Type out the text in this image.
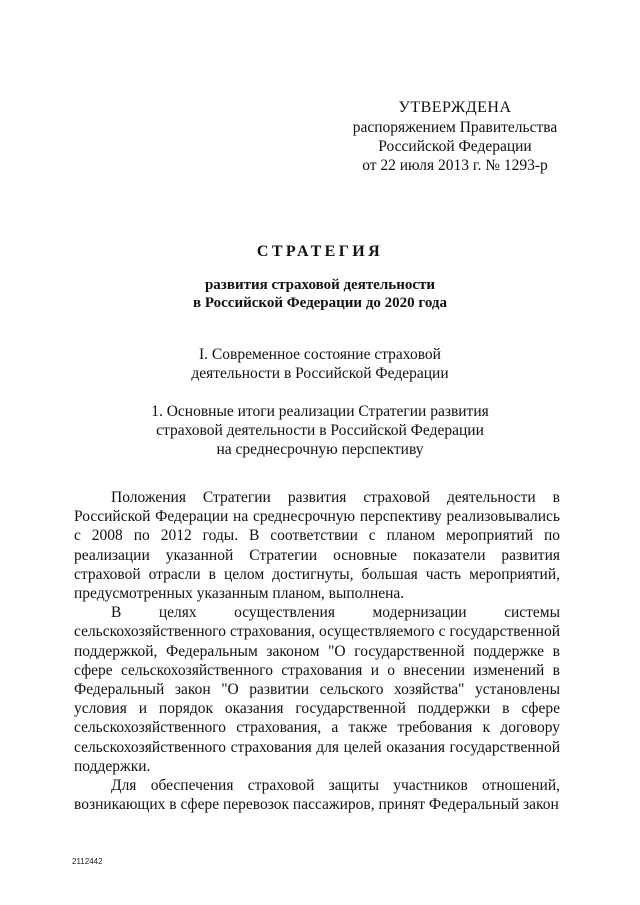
УТВЕРЖДЕНА
распоряжением Правительства
Российской Федерации
от 22 июля 2013 г. № 1293-р
СТРАТЕГИЯ
развития страховой деятельности
в Российской Федерации до 2020 года
I. Современное состояние страховой
деятельности в Российской Федерации
1. Основные итоги реализации Стратегии развития
страховой деятельности в Российской Федерации
на среднесрочную перспективу

Положения Стратегии развития страховой деятельности в Российской Федерации на среднесрочную перспективу реализовывались с 2008 по 2012 годы. В соответствии с планом мероприятий по реализации указанной Стратегии основные показатели развития страховой отрасли в целом достигнуты, большая часть мероприятий, предусмотренных указанным планом, выполнена.

В целях осуществления модернизации системы сельскохозяйственного страхования, осуществляемого с государственной поддержкой, Федеральным законом "О государственной поддержке в сфере сельскохозяйственного страхования и о внесении изменений в Федеральный закон "О развитии сельского хозяйства" установлены условия и порядок оказания государственной поддержки в сфере сельскохозяйственного страхования, а также требования к договору сельскохозяйственного страхования для целей оказания государственной поддержки.

Для обеспечения страховой защиты участников отношений, возникающих в сфере перевозок пассажиров, принят Федеральный закон

2112442
